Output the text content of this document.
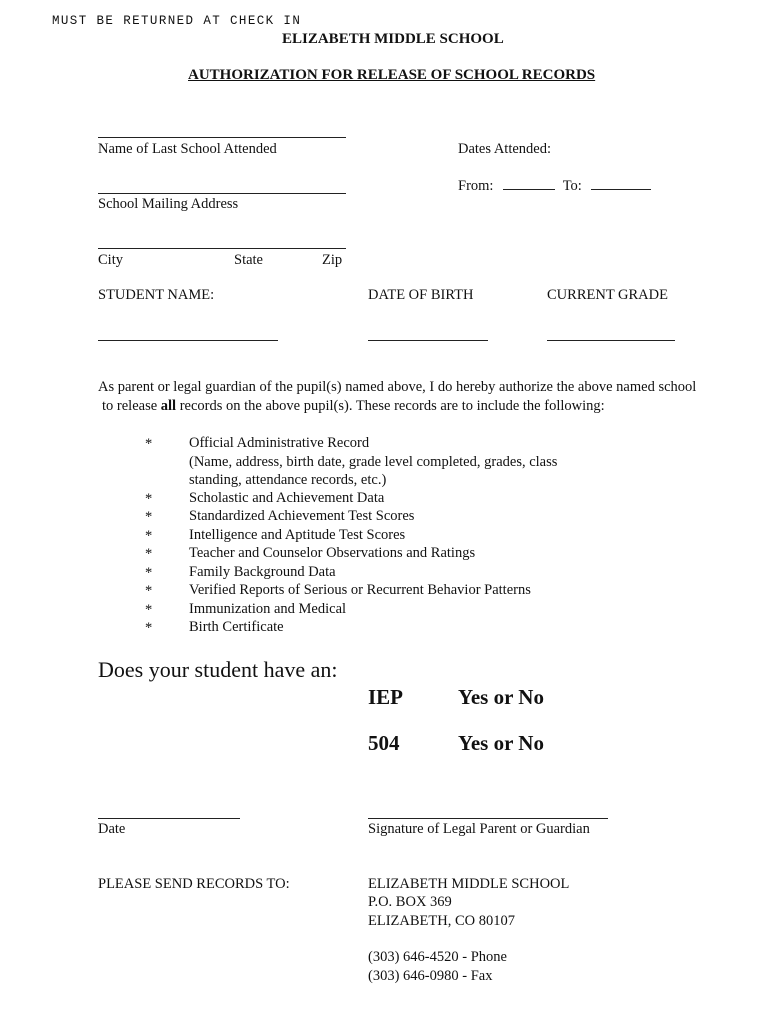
MUST BE RETURNED AT CHECK IN
ELIZABETH MIDDLE SCHOOL
AUTHORIZATION FOR RELEASE OF SCHOOL RECORDS
Name of Last School Attended	Dates Attended:
From:	To:
School Mailing Address
City	State	Zip
STUDENT NAME:	DATE OF BIRTH	CURRENT GRADE
As parent or legal guardian of the pupil(s) named above, I do hereby authorize the above named school
to release all records on the above pupil(s). These records are to include the following:
*	Official Administrative Record
(Name, address, birth date, grade level completed, grades, class
standing, attendance records, etc.)
*	Scholastic and Achievement Data
*	Standardized Achievement Test Scores
*	Intelligence and Aptitude Test Scores
*	Teacher and Counselor Observations and Ratings
*	Family Background Data
*	Verified Reports of Serious or Recurrent Behavior Patterns
*	Immunization and Medical
*	Birth Certificate
Does your student have an:
IEP	Yes or No
504	Yes or No
Date	Signature of Legal Parent or Guardian
PLEASE SEND RECORDS TO:	ELIZABETH MIDDLE SCHOOL
P.O. BOX 369
ELIZABETH, CO 80107
(303) 646-4520 - Phone
(303) 646-0980 - Fax
